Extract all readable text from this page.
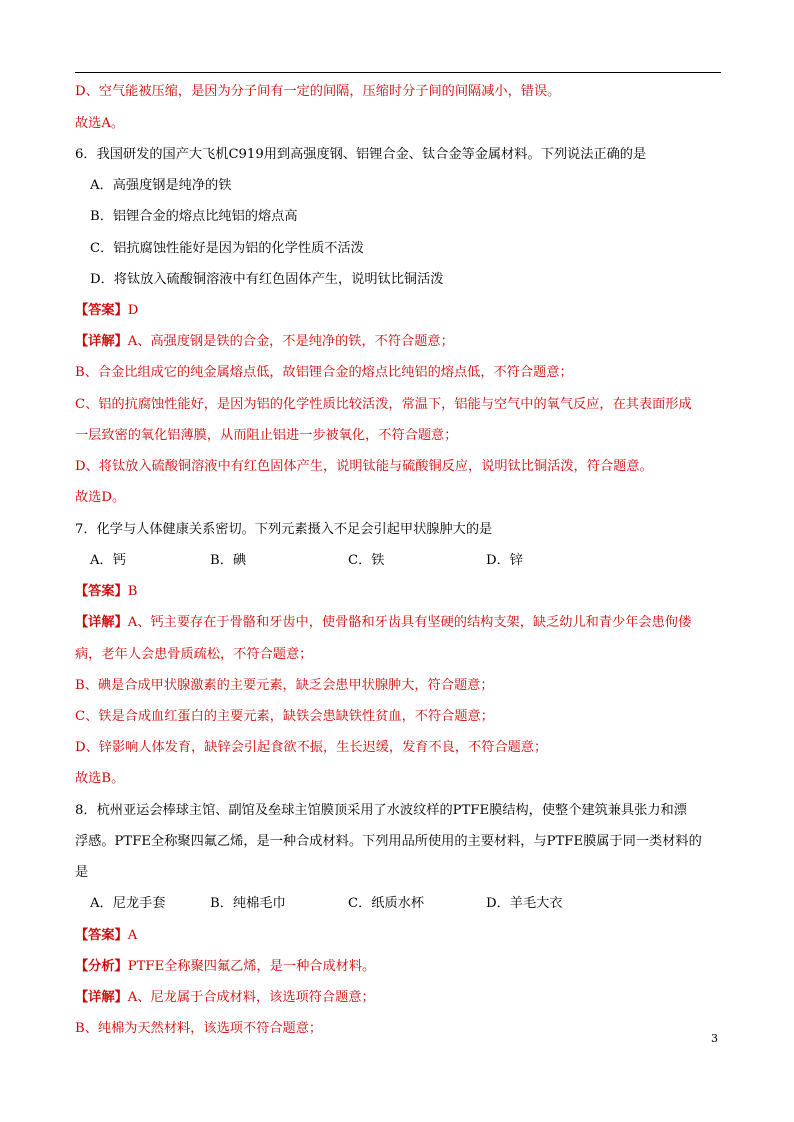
D、空气能被压缩，是因为分子间有一定的间隔，压缩时分子间的间隔减小，错误。
故选A。
6．我国研发的国产大飞机C919用到高强度钢、铝锂合金、钛合金等金属材料。下列说法正确的是
A．高强度钢是纯净的铁
B．铝锂合金的熔点比纯铝的熔点高
C．铝抗腐蚀性能好是因为铝的化学性质不活泼
D．将钛放入硫酸铜溶液中有红色固体产生，说明钛比铜活泼
【答案】D
【详解】A、高强度钢是铁的合金，不是纯净的铁，不符合题意；
B、合金比组成它的纯金属熔点低，故铝锂合金的熔点比纯铝的熔点低，不符合题意；
C、铝的抗腐蚀性能好，是因为铝的化学性质比较活泼，常温下，铝能与空气中的氧气反应，在其表面形成
一层致密的氧化铝薄膜，从而阻止铝进一步被氧化，不符合题意；
D、将钛放入硫酸铜溶液中有红色固体产生，说明钛能与硫酸铜反应，说明钛比铜活泼，符合题意。
故选D。
7．化学与人体健康关系密切。下列元素摄入不足会引起甲状腺肿大的是
A．钙	B．碘	C．铁	D．锌
【答案】B
【详解】A、钙主要存在于骨骼和牙齿中，使骨骼和牙齿具有坚硬的结构支架，缺乏幼儿和青少年会患佝偻
病，老年人会患骨质疏松，不符合题意；
B、碘是合成甲状腺激素的主要元素，缺乏会患甲状腺肿大，符合题意；
C、铁是合成血红蛋白的主要元素，缺铁会患缺铁性贫血，不符合题意；
D、锌影响人体发育，缺锌会引起食欲不振，生长迟缓，发育不良，不符合题意；
故选B。
8．杭州亚运会棒球主馆、副馆及垒球主馆膜顶采用了水波纹样的PTFE膜结构，使整个建筑兼具张力和漂
浮感。PTFE全称聚四氟乙烯，是一种合成材料。下列用品所使用的主要材料，与PTFE膜属于同一类材料的
是
A．尼龙手套	B．纯棉毛巾	C．纸质水杯	D．羊毛大衣
【答案】A
【分析】PTFE全称聚四氟乙烯，是一种合成材料。
【详解】A、尼龙属于合成材料，该选项符合题意；
B、纯棉为天然材料，该选项不符合题意；
3
